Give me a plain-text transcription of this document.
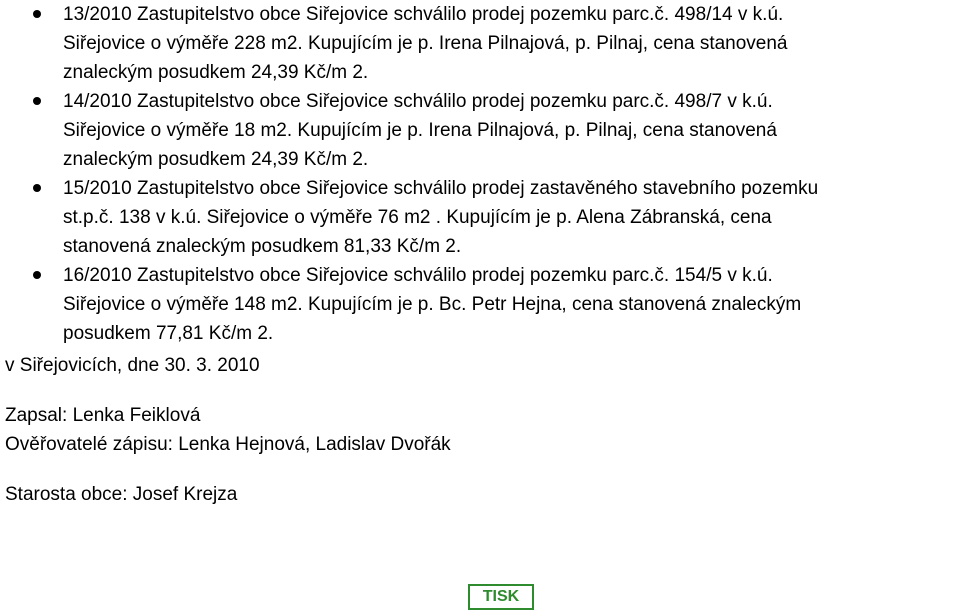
13/2010 Zastupitelstvo obce Siřejovice schválilo prodej pozemku parc.č. 498/14 v k.ú.
Siřejovice o výměře 228 m2. Kupujícím je p. Irena Pilnajová, p. Pilnaj, cena stanovená
znaleckým posudkem 24,39 Kč/m 2.
14/2010 Zastupitelstvo obce Siřejovice schválilo prodej pozemku parc.č. 498/7 v k.ú.
Siřejovice o výměře 18 m2. Kupujícím je p. Irena Pilnajová, p. Pilnaj, cena stanovená
znaleckým posudkem 24,39 Kč/m 2.
15/2010 Zastupitelstvo obce Siřejovice schválilo prodej zastavěného stavebního pozemku
st.p.č. 138 v k.ú. Siřejovice o výměře 76 m2 . Kupujícím je p. Alena Zábranská, cena
stanovená znaleckým posudkem 81,33 Kč/m 2.
16/2010 Zastupitelstvo obce Siřejovice schválilo prodej pozemku parc.č. 154/5 v k.ú.
Siřejovice o výměře 148 m2. Kupujícím je p. Bc. Petr Hejna, cena stanovená znaleckým
posudkem 77,81 Kč/m 2.

v Siřejovicích, dne 30. 3. 2010

Zapsal: Lenka Feiklová

Ověřovatelé zápisu: Lenka Hejnová, Ladislav Dvořák

Starosta obce: Josef Krejza

TISK
